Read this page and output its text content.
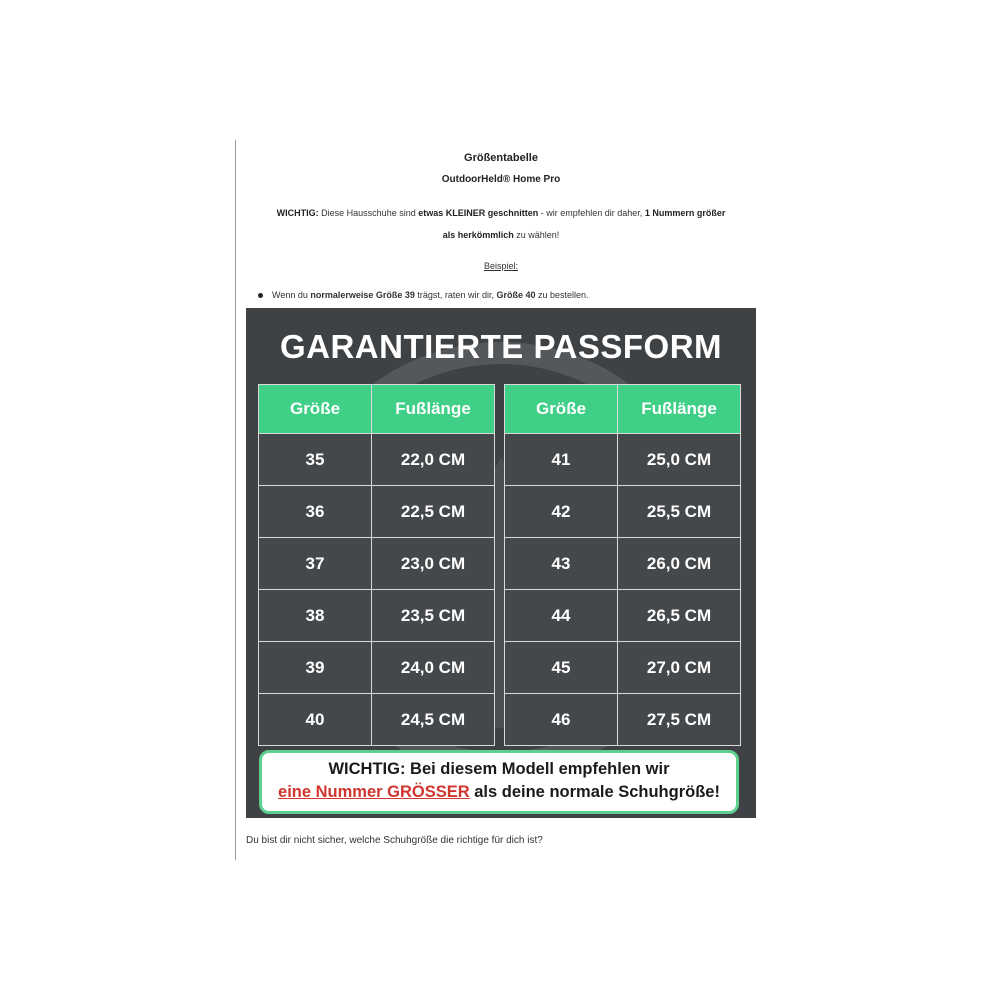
Größentabelle
OutdoorHeld® Home Pro
WICHTIG: Diese Hausschuhe sind etwas KLEINER geschnitten - wir empfehlen dir daher, 1 Nummern größer
als herkömmlich zu wählen!
Beispiel:
Wenn du normalerweise Größe 39 trägst, raten wir dir, Größe 40 zu bestellen.
GARANTIERTE PASSFORM
Größe	Fußlänge
35	22,0 CM
36	22,5 CM
37	23,0 CM
38	23,5 CM
39	24,0 CM
40	24,5 CM
Größe	Fußlänge
41	25,0 CM
42	25,5 CM
43	26,0 CM
44	26,5 CM
45	27,0 CM
46	27,5 CM
WICHTIG: Bei diesem Modell empfehlen wir
eine Nummer GRÖSSER als deine normale Schuhgröße!
Du bist dir nicht sicher, welche Schuhgröße die richtige für dich ist?
